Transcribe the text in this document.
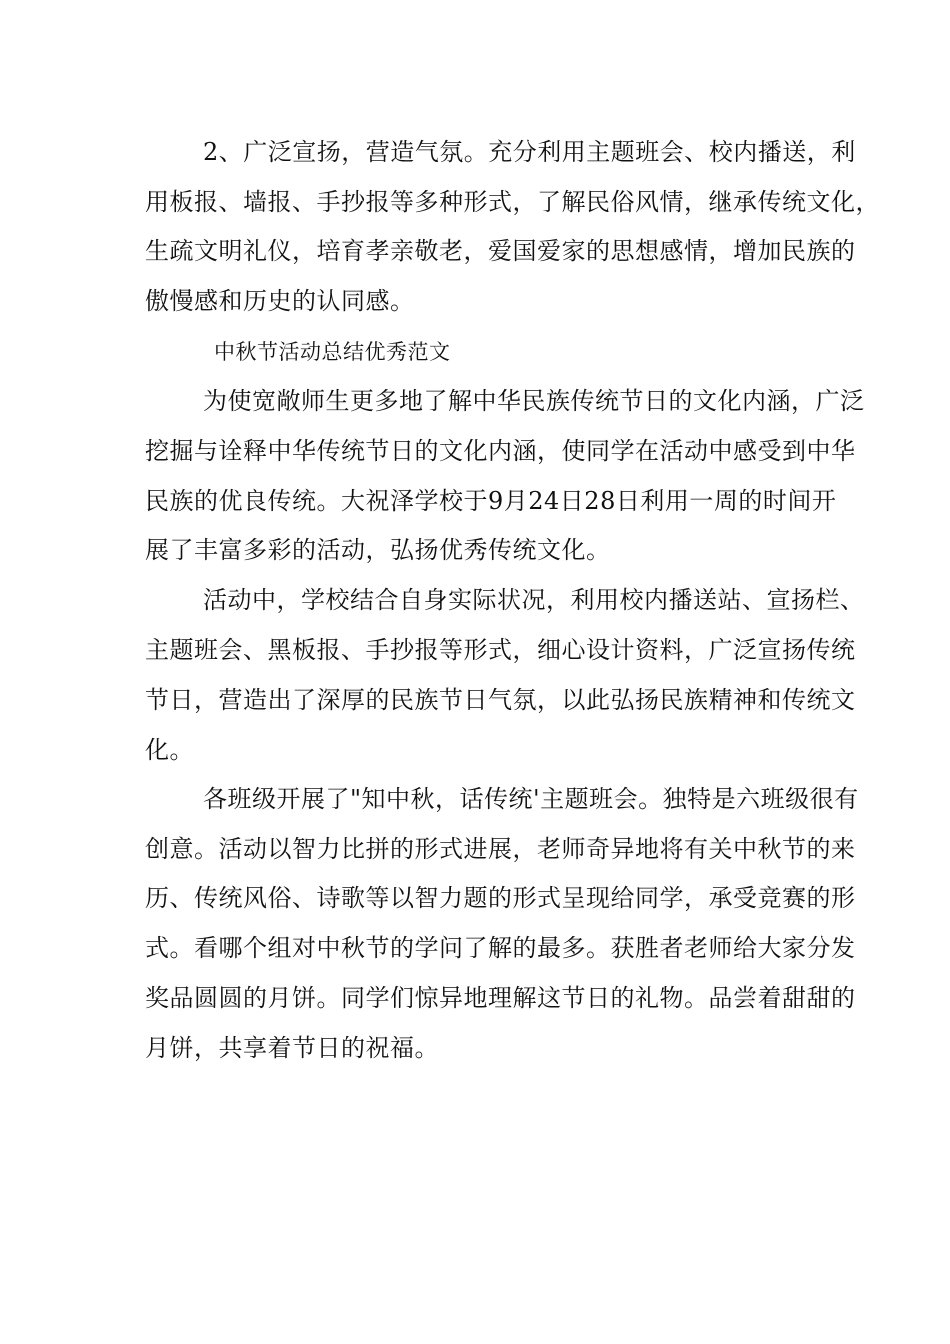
2、广泛宣扬，营造气氛。充分利用主题班会、校内播送，利
用板报、墙报、手抄报等多种形式，了解民俗风情，继承传统文化，
生疏文明礼仪，培育孝亲敬老，爱国爱家的思想感情，增加民族的
傲慢感和历史的认同感。
中秋节活动总结优秀范文
为使宽敞师生更多地了解中华民族传统节日的文化内涵，广泛
挖掘与诠释中华传统节日的文化内涵，使同学在活动中感受到中华
民族的优良传统。大祝泽学校于9月24日28日利用一周的时间开
展了丰富多彩的活动，弘扬优秀传统文化。
活动中，学校结合自身实际状况，利用校内播送站、宣扬栏、
主题班会、黑板报、手抄报等形式，细心设计资料，广泛宣扬传统
节日，营造出了深厚的民族节日气氛，以此弘扬民族精神和传统文
化。
各班级开展了"知中秋，话传统'主题班会。独特是六班级很有
创意。活动以智力比拼的形式进展，老师奇异地将有关中秋节的来
历、传统风俗、诗歌等以智力题的形式呈现给同学，承受竞赛的形
式。看哪个组对中秋节的学问了解的最多。获胜者老师给大家分发
奖品圆圆的月饼。同学们惊异地理解这节日的礼物。品尝着甜甜的
月饼，共享着节日的祝福。
